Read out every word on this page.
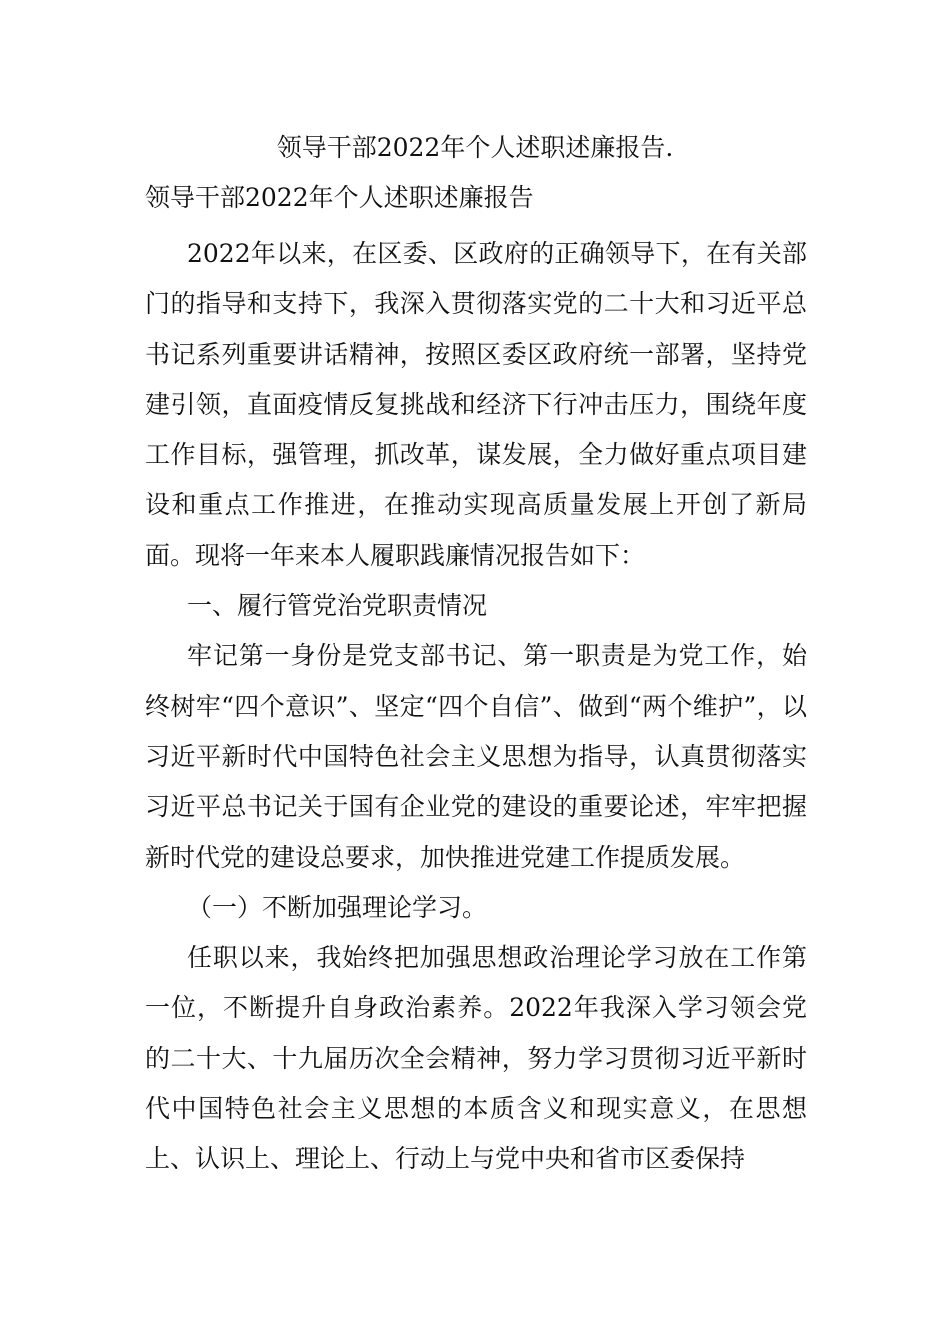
领导干部2022年个人述职述廉报告.
领导干部2022年个人述职述廉报告

2022年以来，在区委、区政府的正确领导下，在有关部门的指导和支持下，我深入贯彻落实党的二十大和习近平总书记系列重要讲话精神，按照区委区政府统一部署，坚持党建引领，直面疫情反复挑战和经济下行冲击压力，围绕年度工作目标，强管理，抓改革，谋发展，全力做好重点项目建设和重点工作推进，在推动实现高质量发展上开创了新局面。现将一年来本人履职践廉情况报告如下：

一、履行管党治党职责情况

牢记第一身份是党支部书记、第一职责是为党工作，始终树牢“四个意识”、坚定“四个自信”、做到“两个维护”，以习近平新时代中国特色社会主义思想为指导，认真贯彻落实习近平总书记关于国有企业党的建设的重要论述，牢牢把握新时代党的建设总要求，加快推进党建工作提质发展。

（一）不断加强理论学习。

任职以来，我始终把加强思想政治理论学习放在工作第一位，不断提升自身政治素养。2022年我深入学习领会党的二十大、十九届历次全会精神，努力学习贯彻习近平新时代中国特色社会主义思想的本质含义和现实意义，在思想上、认识上、理论上、行动上与党中央和省市区委保持
